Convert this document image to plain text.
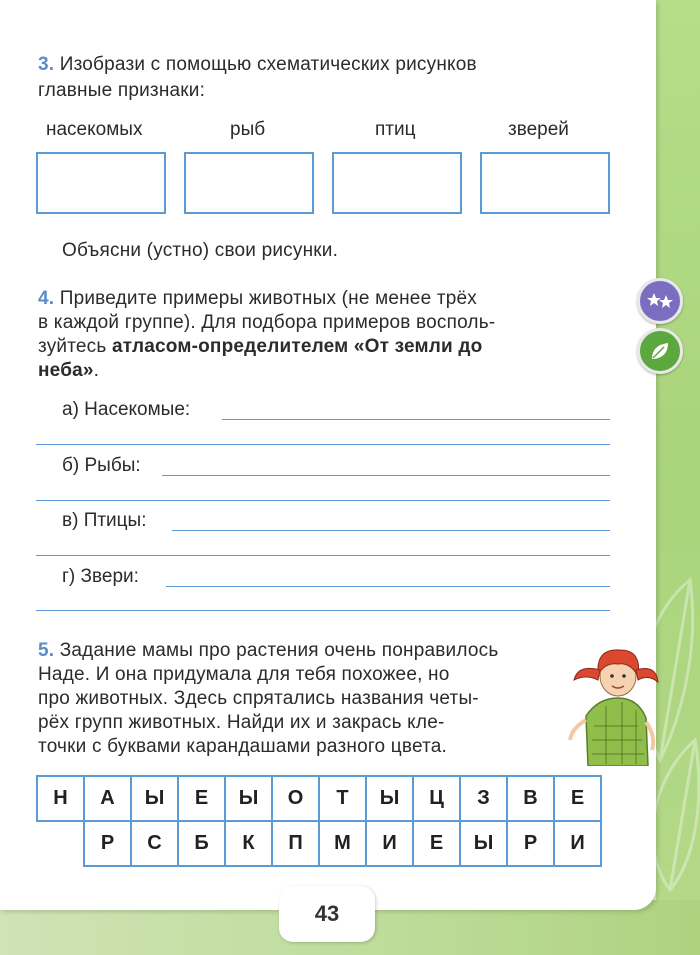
3. Изобрази с помощью схематических рисунков
главные признаки:
насекомых	рыб	птиц	зверей
Объясни (устно) свои рисунки.
4. Приведите примеры животных (не менее трёх
в каждой группе). Для подбора примеров восполь-
зуйтесь атласом-определителем «От земли до
неба».
а) Насекомые:
б) Рыбы:
в) Птицы:
г) Звери:
5. Задание мамы про растения очень понравилось
Наде. И она придумала для тебя похожее, но
про животных. Здесь спрятались названия четы-
рёх групп животных. Найди их и закрась кле-
точки с буквами карандашами разного цвета.
Н	А	Ы	Е	Ы	О	Т	Ы	Ц	З	В	Е
	Р	С	Б	К	П	М	И	Е	Ы	Р	И
43
